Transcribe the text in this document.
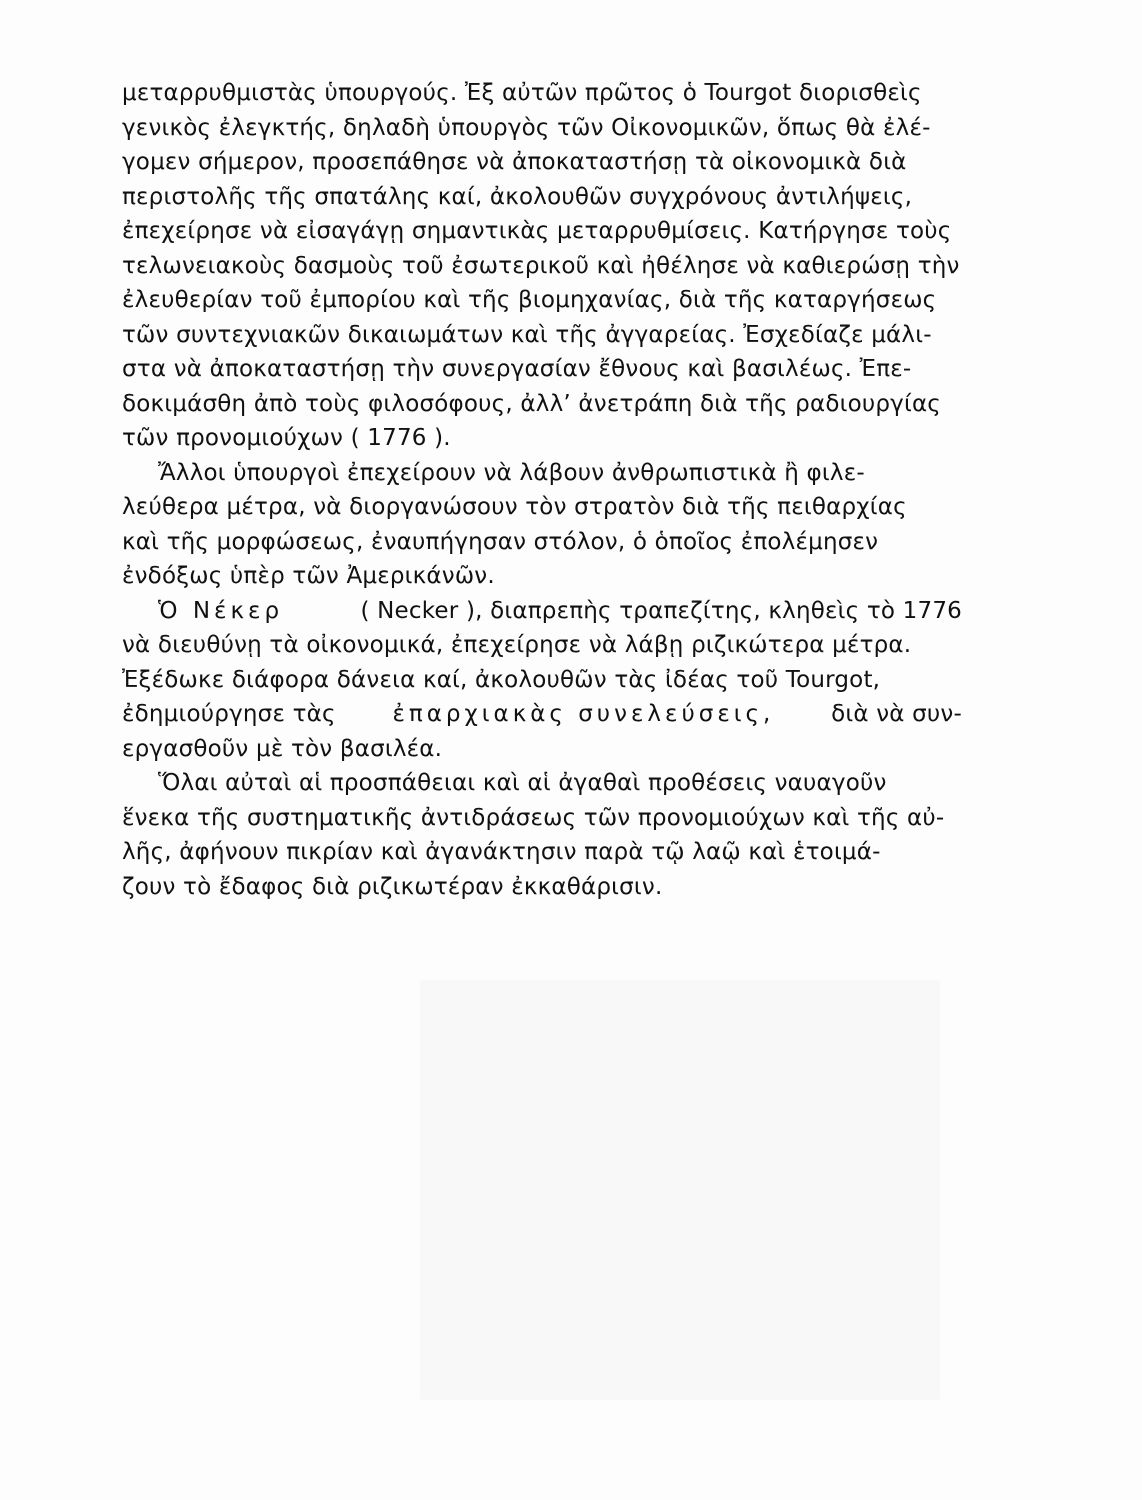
μεταρρυθμιστὰς ὑπουργούς. Ἐξ αὐτῶν πρῶτος ὁ Tourgot διορισθεὶς
γενικὸς ἐλεγκτής, δηλαδὴ ὑπουργὸς τῶν Οἰκονομικῶν, ὅπως θὰ ἐλέ-
γομεν σήμερον, προσεπάθησε νὰ ἀποκαταστήσῃ τὰ οἰκονομικὰ διὰ
περιστολῆς τῆς σπατάλης καί, ἀκολουθῶν συγχρόνους ἀντιλήψεις,
ἐπεχείρησε νὰ εἰσαγάγῃ σημαντικὰς μεταρρυθμίσεις. Κατήργησε τοὺς
τελωνειακοὺς δασμοὺς τοῦ ἐσωτερικοῦ καὶ ἠθέλησε νὰ καθιερώσῃ τὴν
ἐλευθερίαν τοῦ ἐμπορίου καὶ τῆς βιομηχανίας, διὰ τῆς καταργήσεως
τῶν συντεχνιακῶν δικαιωμάτων καὶ τῆς ἀγγαρείας. Ἐσχεδίαζε μάλι-
στα νὰ ἀποκαταστήσῃ τὴν συνεργασίαν ἔθνους καὶ βασιλέως. Ἐπε-
δοκιμάσθη ἀπὸ τοὺς φιλοσόφους, ἀλλ’ ἀνετράπη διὰ τῆς ραδιουργίας
τῶν προνομιούχων ( 1776 ).
Ἄλλοι ὑπουργοὶ ἐπεχείρουν νὰ λάβουν ἀνθρωπιστικὰ ἢ φιλε-
λεύθερα μέτρα, νὰ διοργανώσουν τὸν στρατὸν διὰ τῆς πειθαρχίας
καὶ τῆς μορφώσεως, ἐναυπήγησαν στόλον, ὁ ὁποῖος ἐπολέμησεν
ἐνδόξως ὑπὲρ τῶν Ἀμερικάνῶν.
Ὁ Νέκερ	( Necker ), διαπρεπὴς τραπεζίτης, κληθεὶς τὸ 1776
νὰ διευθύνῃ τὰ οἰκονομικά, ἐπεχείρησε νὰ λάβῃ ριζικώτερα μέτρα.
Ἐξέδωκε διάφορα δάνεια καί, ἀκολουθῶν τὰς ἰδέας τοῦ Tourgot,
ἐδημιούργησε τὰς ἐπαρχιακὰς συνελεύσεις, διὰ νὰ συν-
εργασθοῦν μὲ τὸν βασιλέα.
Ὅλαι αὐταὶ αἱ προσπάθειαι καὶ αἱ ἀγαθαὶ προθέσεις ναυαγοῦν
ἕνεκα τῆς συστηματικῆς ἀντιδράσεως τῶν προνομιούχων καὶ τῆς αὐ-
λῆς, ἀφήνουν πικρίαν καὶ ἀγανάκτησιν παρὰ τῷ λαῷ καὶ ἑτοιμά-
ζουν τὸ ἔδαφος διὰ ριζικωτέραν ἐκκαθάρισιν.
